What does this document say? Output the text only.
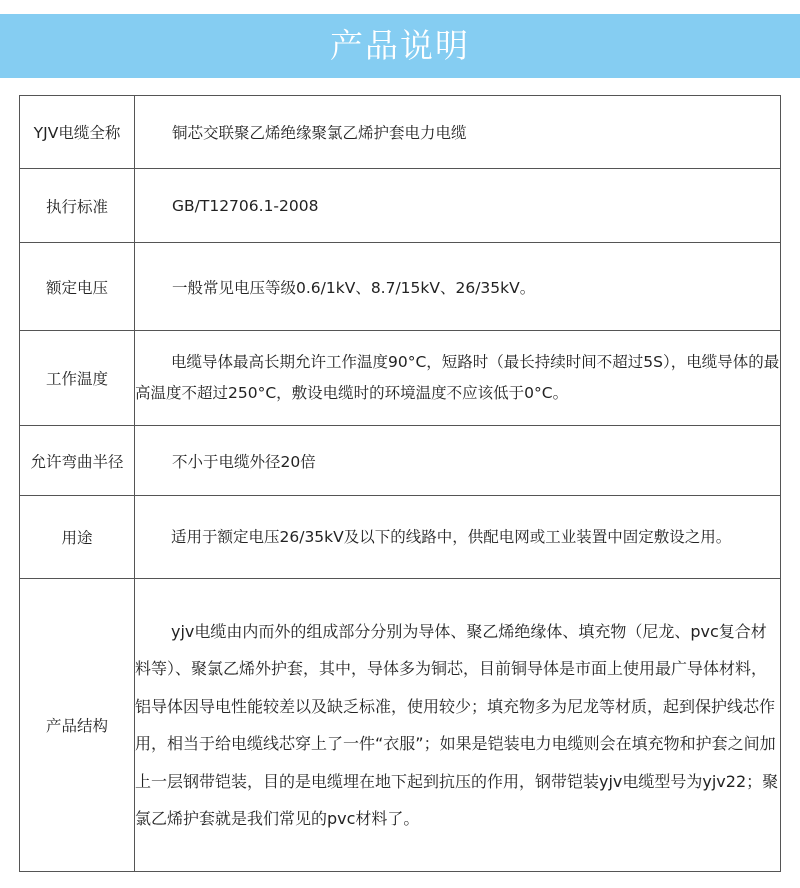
产品说明
YJV电缆全称	铜芯交联聚乙烯绝缘聚氯乙烯护套电力电缆

执行标准	GB/T12706.1-2008

额定电压	一般常见电压等级0.6/1kV、8.7/15kV、26/35kV。

工作温度	电缆导体最高长期允许工作温度90°C，短路时（最长持续时间不超过5S），电缆导体的最高温度不超过250°C，敷设电缆时的环境温度不应该低于0°C。

允许弯曲半径	不小于电缆外径20倍

用途	适用于额定电压26/35kV及以下的线路中，供配电网或工业装置中固定敷设之用。

产品结构	yjv电缆由内而外的组成部分分别为导体、聚乙烯绝缘体、填充物（尼龙、pvc复合材料等）、聚氯乙烯外护套，其中，导体多为铜芯，目前铜导体是市面上使用最广导体材料，铝导体因导电性能较差以及缺乏标准，使用较少；填充物多为尼龙等材质，起到保护线芯作用，相当于给电缆线芯穿上了一件“衣服”；如果是铠装电力电缆则会在填充物和护套之间加上一层钢带铠装，目的是电缆埋在地下起到抗压的作用，钢带铠装yjv电缆型号为yjv22；聚氯乙烯护套就是我们常见的pvc材料了。
